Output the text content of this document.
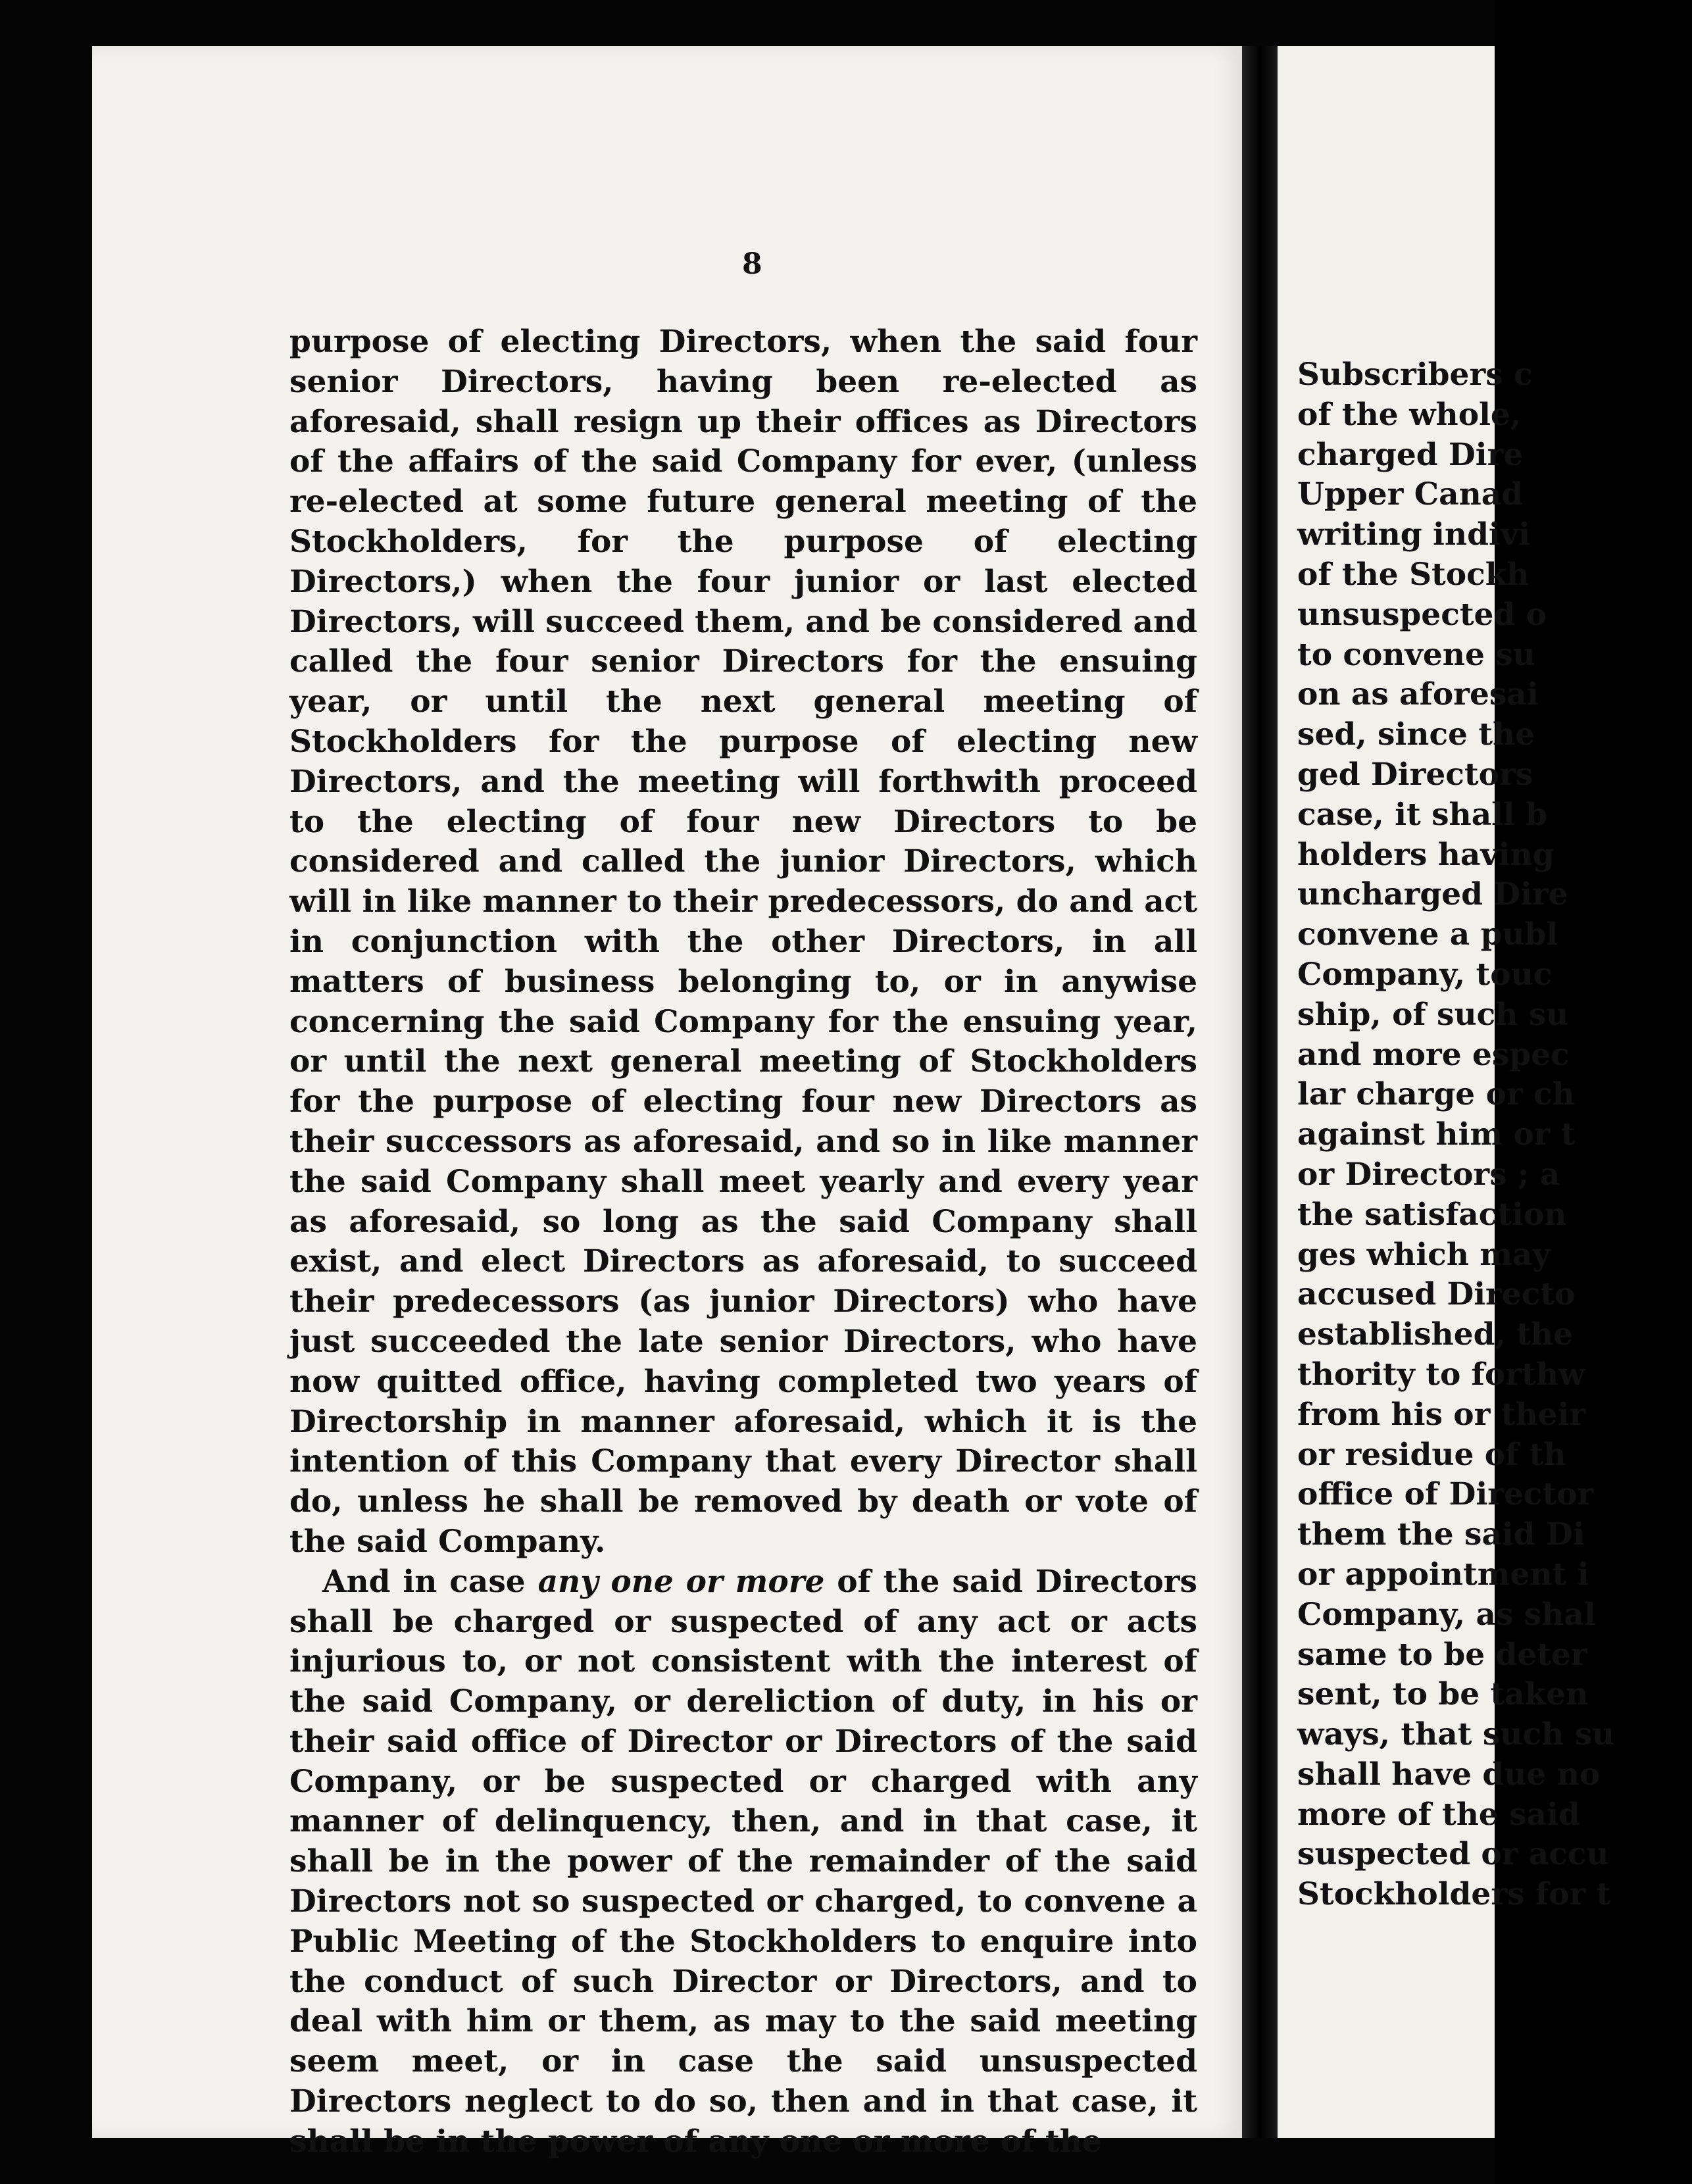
8

purpose of electing Directors, when the said four senior Directors, having been re-elected as aforesaid, shall resign up their offices as Directors of the affairs of the said Company for ever, (unless re-elected at some future general meeting of the Stockholders, for the purpose of electing Directors,) when the four junior or last elected Directors, will succeed them, and be considered and called the four senior Directors for the ensuing year, or until the next general meeting of Stockholders for the purpose of electing new Directors, and the meeting will forthwith proceed to the electing of four new Directors to be considered and called the junior Directors, which will in like manner to their predecessors, do and act in conjunction with the other Directors, in all matters of business belonging to, or in anywise concerning the said Company for the ensuing year, or until the next general meeting of Stockholders for the purpose of electing four new Directors as their successors as aforesaid, and so in like manner the said Company shall meet yearly and every year as aforesaid, so long as the said Company shall exist, and elect Directors as aforesaid, to succeed their predecessors (as junior Directors) who have just succeeded the late senior Directors, who have now quitted office, having completed two years of Directorship in manner aforesaid, which it is the intention of this Company that every Director shall do, unless he shall be removed by death or vote of the said Company.

And in case any one or more of the said Directors shall be charged or suspected of any act or acts injurious to, or not consistent with the interest of the said Company, or dereliction of duty, in his or their said office of Director or Directors of the said Company, or be suspected or charged with any manner of delinquency, then, and in that case, it shall be in the power of the remainder of the said Directors not so suspected or charged, to convene a Public Meeting of the Stockholders to enquire into the conduct of such Director or Directors, and to deal with him or them, as may to the said meeting seem meet, or in case the said unsuspected Directors neglect to do so, then and in that case, it shall be in the power of any one or more of the

Subscribers c
of the whole,
charged Dire
Upper Canad
writing indivi
of the Stockh
unsuspected o
to convene su
on as aforesai
sed, since the
ged Directors
case, it shall b
holders having
uncharged Dire
convene a publ
Company, touc
ship, of such su
and more espec
lar charge or ch
against him or t
or Directors ; a
the satisfaction
ges which may
accused Directo
established, the
thority to forthw
from his or their
or residue of th
office of Director
them the said Di
or appointment i
Company, as shal
same to be deter
sent, to be taken
ways, that such su
shall have due no
more of the said
suspected or accu
Stockholders for t
